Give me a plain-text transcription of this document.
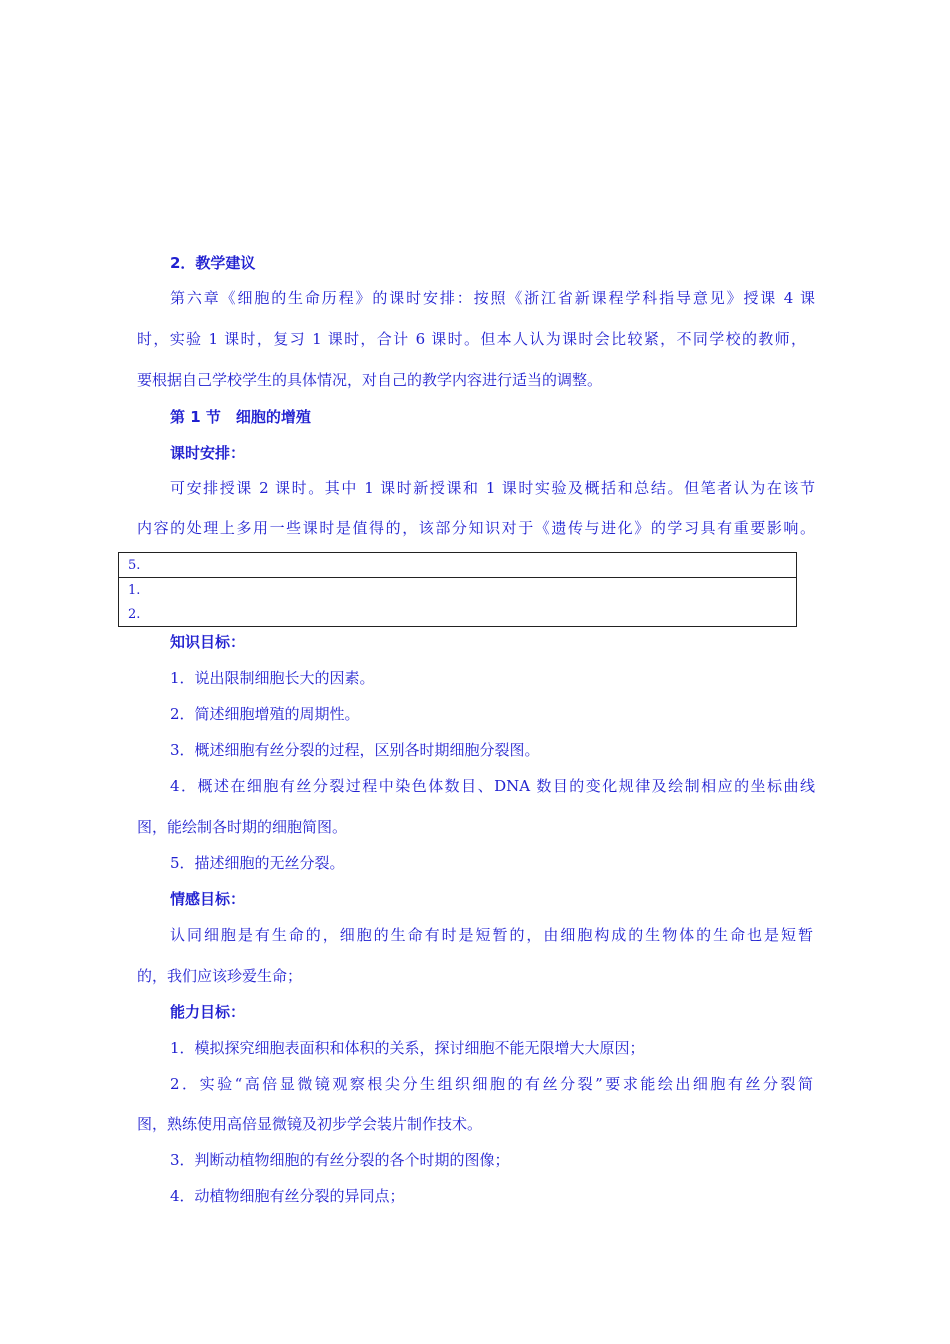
2．教学建议
第六章《细胞的生命历程》的课时安排：按照《浙江省新课程学科指导意见》授课 4 课
时，实验 1 课时，复习 1 课时，合计 6 课时。但本人认为课时会比较紧，不同学校的教师，
要根据自己学校学生的具体情况，对自己的教学内容进行适当的调整。
第 1 节　细胞的增殖
课时安排：
可安排授课 2 课时。其中 1 课时新授课和 1 课时实验及概括和总结。但笔者认为在该节
内容的处理上多用一些课时是值得的，该部分知识对于《遗传与进化》的学习具有重要影响。
5.
1.
2.
知识目标：
1．说出限制细胞长大的因素。
2．简述细胞增殖的周期性。
3．概述细胞有丝分裂的过程，区别各时期细胞分裂图。
4．概述在细胞有丝分裂过程中染色体数目、DNA 数目的变化规律及绘制相应的坐标曲线
图，能绘制各时期的细胞简图。
5．描述细胞的无丝分裂。
情感目标：
认同细胞是有生命的，细胞的生命有时是短暂的，由细胞构成的生物体的生命也是短暂
的，我们应该珍爱生命；
能力目标：
1．模拟探究细胞表面积和体积的关系，探讨细胞不能无限增大大原因；
2．实验“高倍显微镜观察根尖分生组织细胞的有丝分裂”要求能绘出细胞有丝分裂简
图，熟练使用高倍显微镜及初步学会装片制作技术。
3．判断动植物细胞的有丝分裂的各个时期的图像；
4．动植物细胞有丝分裂的异同点；
